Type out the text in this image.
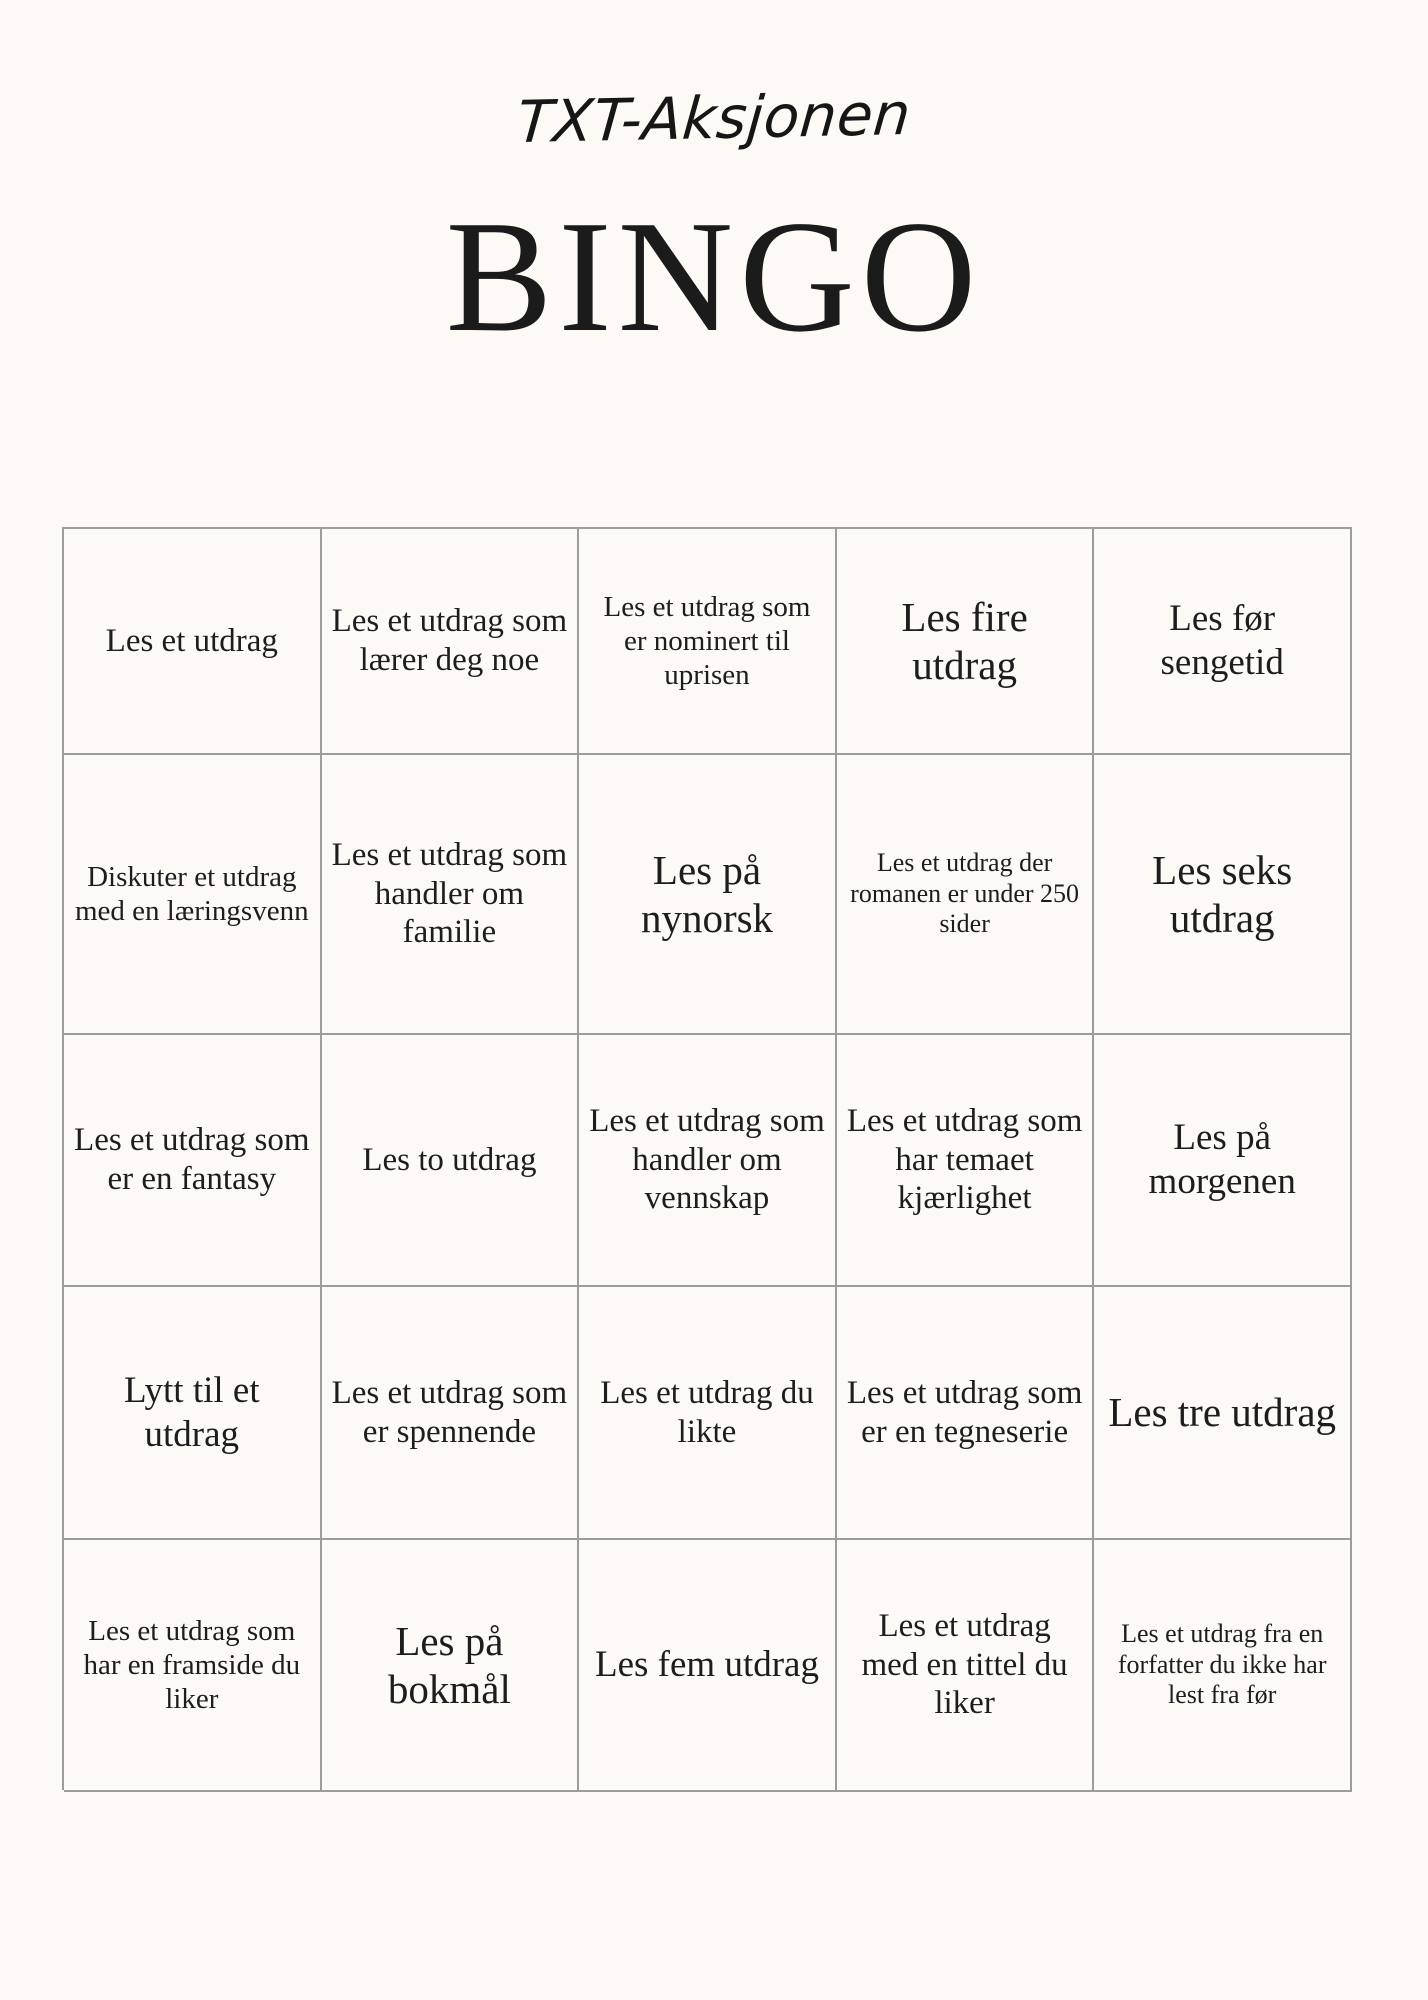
TXT-Aksjonen
BINGO
Les et utdrag
Les et utdrag som lærer deg noe
Les et utdrag som er nominert til uprisen
Les fire utdrag
Les før sengetid
Diskuter et utdrag med en læringsvenn
Les et utdrag som handler om familie
Les på nynorsk
Les et utdrag der romanen er under 250 sider
Les seks utdrag
Les et utdrag som er en fantasy
Les to utdrag
Les et utdrag som handler om vennskap
Les et utdrag som har temaet kjærlighet
Les på morgenen
Lytt til et utdrag
Les et utdrag som er spennende
Les et utdrag du likte
Les et utdrag som er en tegneserie Les tre utdrag
Les et utdrag som har en framside du liker
Les på bokmål
Les fem utdrag
Les et utdrag med en tittel du liker
Les et utdrag fra en forfatter du ikke har lest fra før
